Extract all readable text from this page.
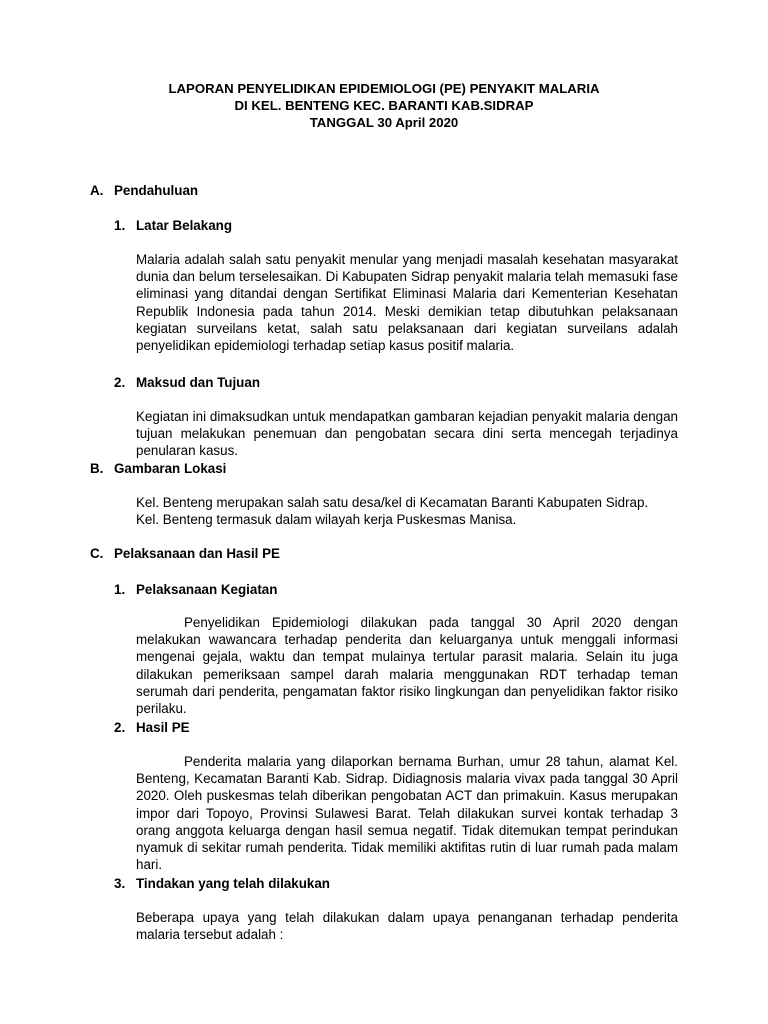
LAPORAN PENYELIDIKAN EPIDEMIOLOGI (PE) PENYAKIT MALARIA
DI KEL. BENTENG KEC. BARANTI KAB.SIDRAP
TANGGAL 30 April 2020
A. Pendahuluan
1. Latar Belakang
Malaria adalah salah satu penyakit menular yang menjadi masalah kesehatan masyarakat dunia dan belum terselesaikan. Di Kabupaten Sidrap penyakit malaria telah memasuki fase eliminasi yang ditandai dengan Sertifikat Eliminasi Malaria dari Kementerian Kesehatan Republik Indonesia pada tahun 2014. Meski demikian tetap dibutuhkan pelaksanaan kegiatan surveilans ketat, salah satu pelaksanaan dari kegiatan surveilans adalah penyelidikan epidemiologi terhadap setiap kasus positif malaria.
2. Maksud dan Tujuan
Kegiatan ini dimaksudkan untuk mendapatkan gambaran kejadian penyakit malaria dengan tujuan melakukan penemuan dan pengobatan secara dini serta mencegah terjadinya penularan kasus.
B. Gambaran Lokasi
Kel. Benteng merupakan salah satu desa/kel di Kecamatan Baranti Kabupaten Sidrap.
Kel. Benteng termasuk dalam wilayah kerja Puskesmas Manisa.
C. Pelaksanaan dan Hasil PE
1. Pelaksanaan Kegiatan
Penyelidikan Epidemiologi dilakukan pada tanggal 30 April 2020 dengan melakukan wawancara terhadap penderita dan keluarganya untuk menggali informasi mengenai gejala, waktu dan tempat mulainya tertular parasit malaria. Selain itu juga dilakukan pemeriksaan sampel darah malaria menggunakan RDT terhadap teman serumah dari penderita, pengamatan faktor risiko lingkungan dan penyelidikan faktor risiko perilaku.
2. Hasil PE
Penderita malaria yang dilaporkan bernama Burhan, umur 28 tahun, alamat Kel. Benteng, Kecamatan Baranti Kab. Sidrap. Didiagnosis malaria vivax pada tanggal 30 April 2020. Oleh puskesmas telah diberikan pengobatan ACT dan primakuin. Kasus merupakan impor dari Topoyo, Provinsi Sulawesi Barat. Telah dilakukan survei kontak terhadap 3 orang anggota keluarga dengan hasil semua negatif. Tidak ditemukan tempat perindukan nyamuk di sekitar rumah penderita. Tidak memiliki aktifitas rutin di luar rumah pada malam hari.
3. Tindakan yang telah dilakukan
Beberapa upaya yang telah dilakukan dalam upaya penanganan terhadap penderita malaria tersebut adalah :
